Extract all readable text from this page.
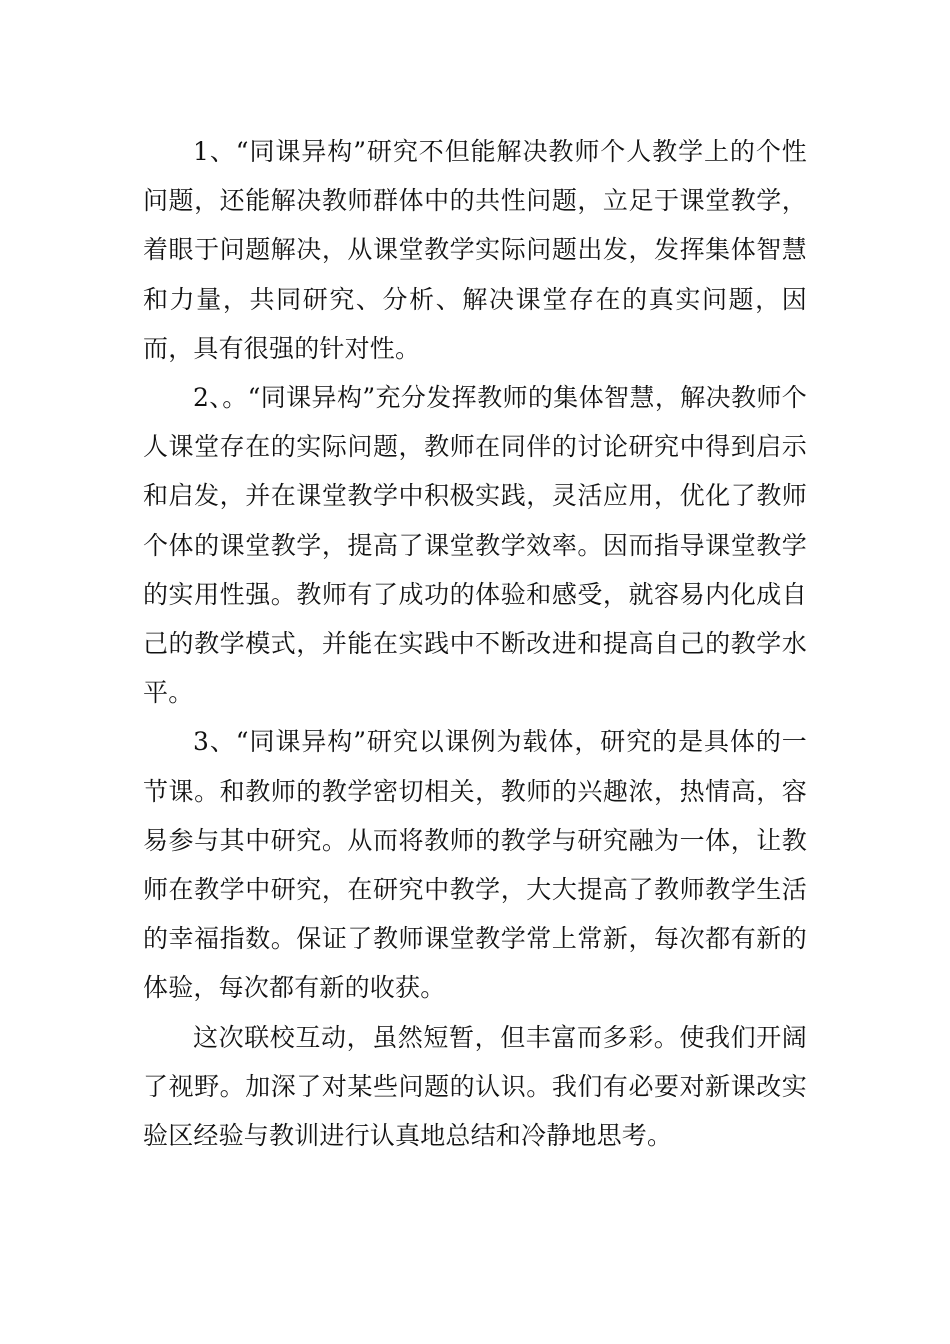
1、“同课异构”研究不但能解决教师个人教学上的个性问题，还能解决教师群体中的共性问题，立足于课堂教学，着眼于问题解决，从课堂教学实际问题出发，发挥集体智慧和力量，共同研究、分析、解决课堂存在的真实问题，因而，具有很强的针对性。

2、。“同课异构”充分发挥教师的集体智慧，解决教师个人课堂存在的实际问题，教师在同伴的讨论研究中得到启示和启发，并在课堂教学中积极实践，灵活应用，优化了教师个体的课堂教学，提高了课堂教学效率。因而指导课堂教学的实用性强。教师有了成功的体验和感受，就容易内化成自己的教学模式，并能在实践中不断改进和提高自己的教学水平。

3、“同课异构”研究以课例为载体，研究的是具体的一节课。和教师的教学密切相关，教师的兴趣浓，热情高，容易参与其中研究。从而将教师的教学与研究融为一体，让教师在教学中研究，在研究中教学，大大提高了教师教学生活的幸福指数。保证了教师课堂教学常上常新，每次都有新的体验，每次都有新的收获。

这次联校互动，虽然短暂，但丰富而多彩。使我们开阔了视野。加深了对某些问题的认识。我们有必要对新课改实验区经验与教训进行认真地总结和冷静地思考。
